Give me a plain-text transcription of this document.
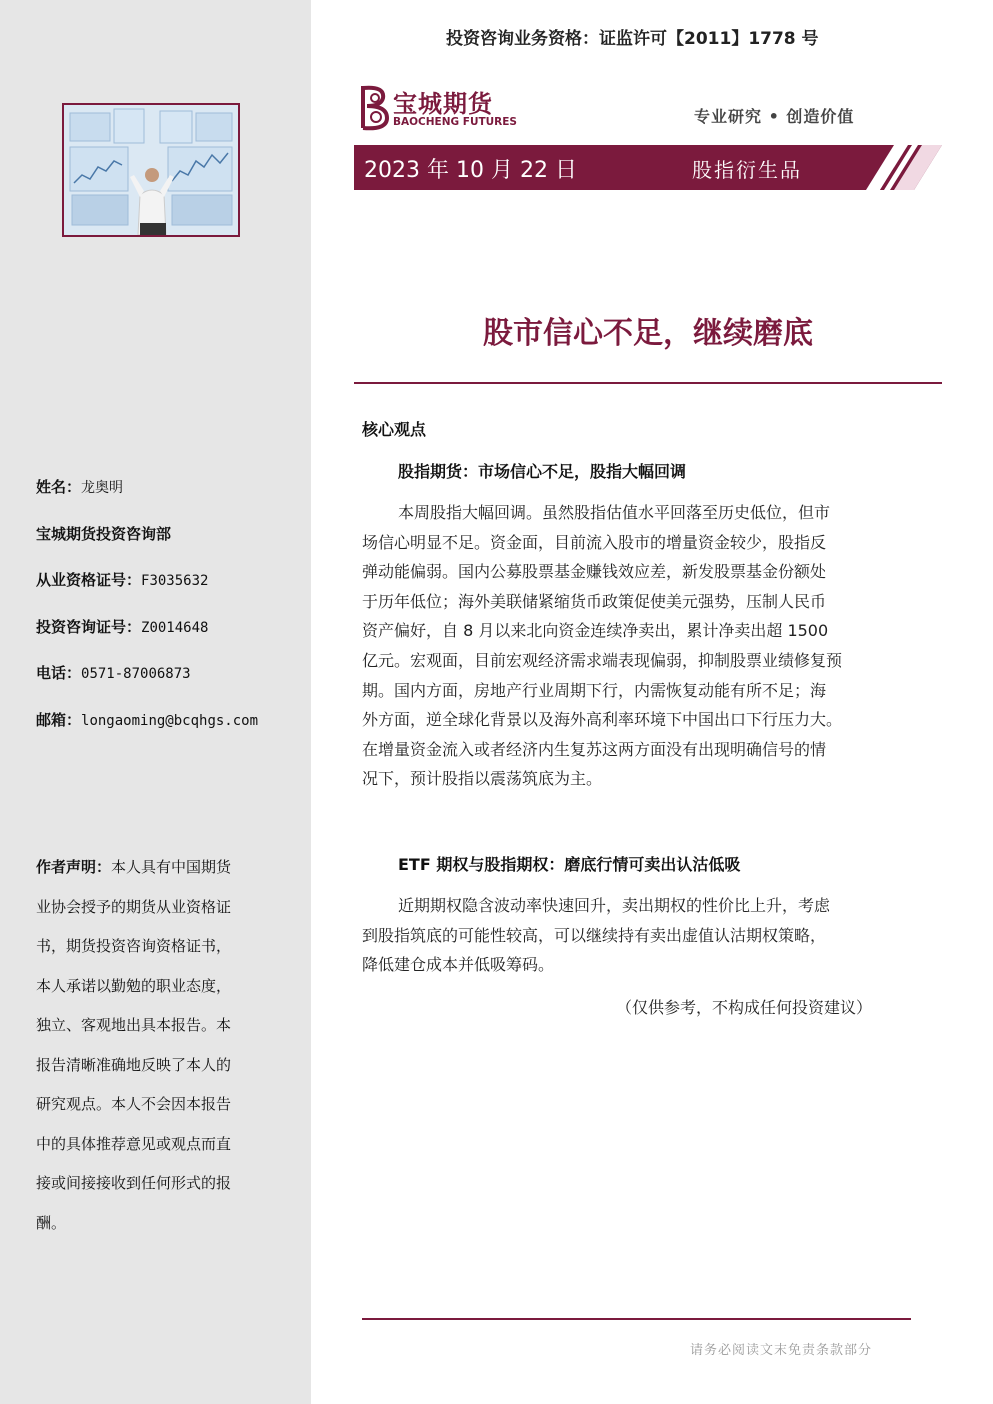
姓名：龙奥明
宝城期货投资咨询部
从业资格证号：F3035632
投资咨询证号：Z0014648
电话：0571-87006873
邮箱：longaoming@bcqhgs.com
作者声明：本人具有中国期货
业协会授予的期货从业资格证
书，期货投资咨询资格证书，
本人承诺以勤勉的职业态度，
独立、客观地出具本报告。本
报告清晰准确地反映了本人的
研究观点。本人不会因本报告
中的具体推荐意见或观点而直
接或间接接收到任何形式的报
酬。
投资咨询业务资格：证监许可【2011】1778 号
宝城期货
BAOCHENG FUTURES	专业研究 • 创造价值
2023 年 10 月 22 日	股指衍生品
股市信心不足，继续磨底
核心观点
股指期货：市场信心不足，股指大幅回调
本周股指大幅回调。虽然股指估值水平回落至历史低位，但市
场信心明显不足。资金面，目前流入股市的增量资金较少，股指反
弹动能偏弱。国内公募股票基金赚钱效应差，新发股票基金份额处
于历年低位；海外美联储紧缩货币政策促使美元强势，压制人民币
资产偏好，自 8 月以来北向资金连续净卖出，累计净卖出超 1500
亿元。宏观面，目前宏观经济需求端表现偏弱，抑制股票业绩修复预
期。国内方面，房地产行业周期下行，内需恢复动能有所不足；海
外方面，逆全球化背景以及海外高利率环境下中国出口下行压力大。
在增量资金流入或者经济内生复苏这两方面没有出现明确信号的情
况下，预计股指以震荡筑底为主。
ETF 期权与股指期权：磨底行情可卖出认沽低吸
近期期权隐含波动率快速回升，卖出期权的性价比上升，考虑
到股指筑底的可能性较高，可以继续持有卖出虚值认沽期权策略，
降低建仓成本并低吸筹码。
（仅供参考，不构成任何投资建议）
请务必阅读文末免责条款部分
